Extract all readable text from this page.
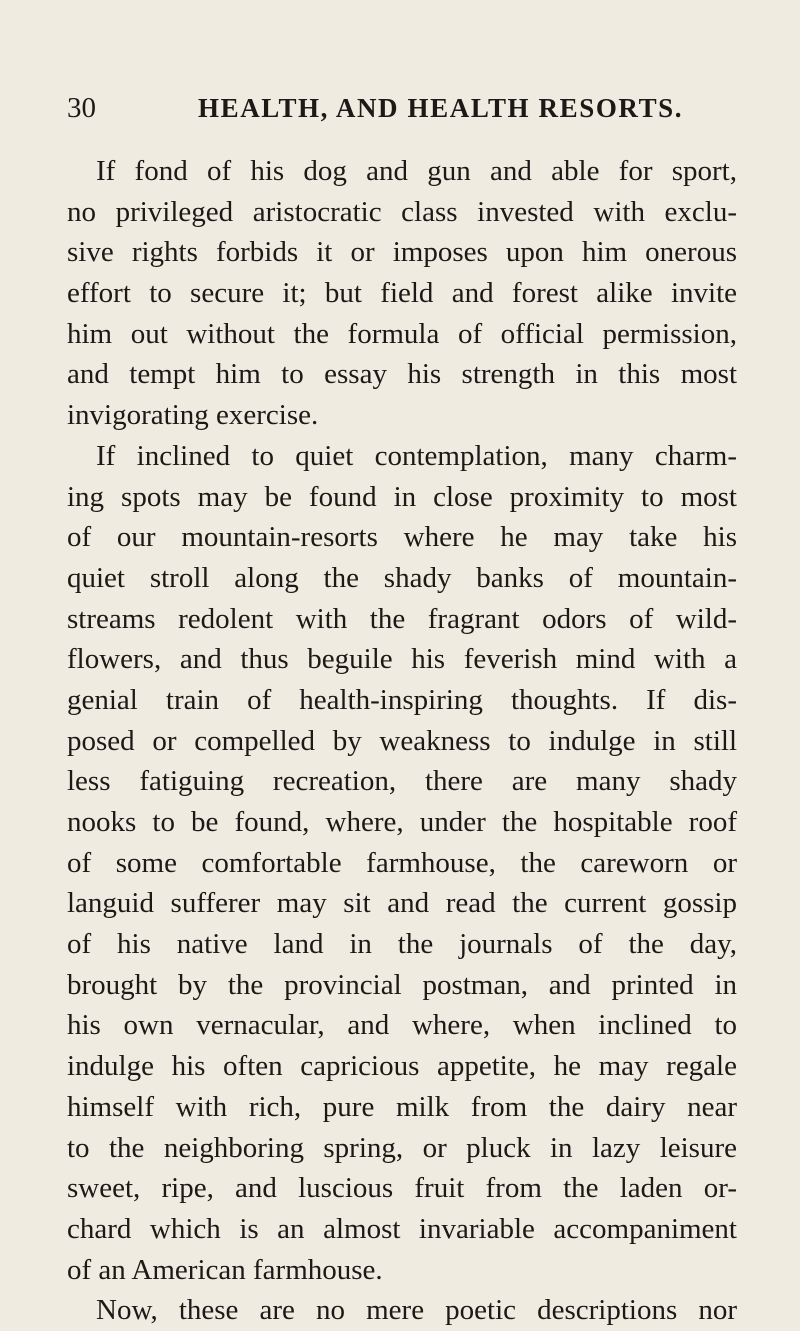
30	HEALTH, AND HEALTH RESORTS.
If fond of his dog and gun and able for sport,
no privileged aristocratic class invested with exclu-
sive rights forbids it or imposes upon him onerous
effort to secure it; but field and forest alike invite
him out without the formula of official permission,
and tempt him to essay his strength in this most
invigorating exercise.
If inclined to quiet contemplation, many charm-
ing spots may be found in close proximity to most
of our mountain-resorts where he may take his
quiet stroll along the shady banks of mountain-
streams redolent with the fragrant odors of wild-
flowers, and thus beguile his feverish mind with a
genial train of health-inspiring thoughts. If dis-
posed or compelled by weakness to indulge in still
less fatiguing recreation, there are many shady
nooks to be found, where, under the hospitable roof
of some comfortable farmhouse, the careworn or
languid sufferer may sit and read the current gossip
of his native land in the journals of the day,
brought by the provincial postman, and printed in
his own vernacular, and where, when inclined to
indulge his often capricious appetite, he may regale
himself with rich, pure milk from the dairy near
to the neighboring spring, or pluck in lazy leisure
sweet, ripe, and luscious fruit from the laden or-
chard which is an almost invariable accompaniment
of an American farmhouse.
Now, these are no mere poetic descriptions nor
